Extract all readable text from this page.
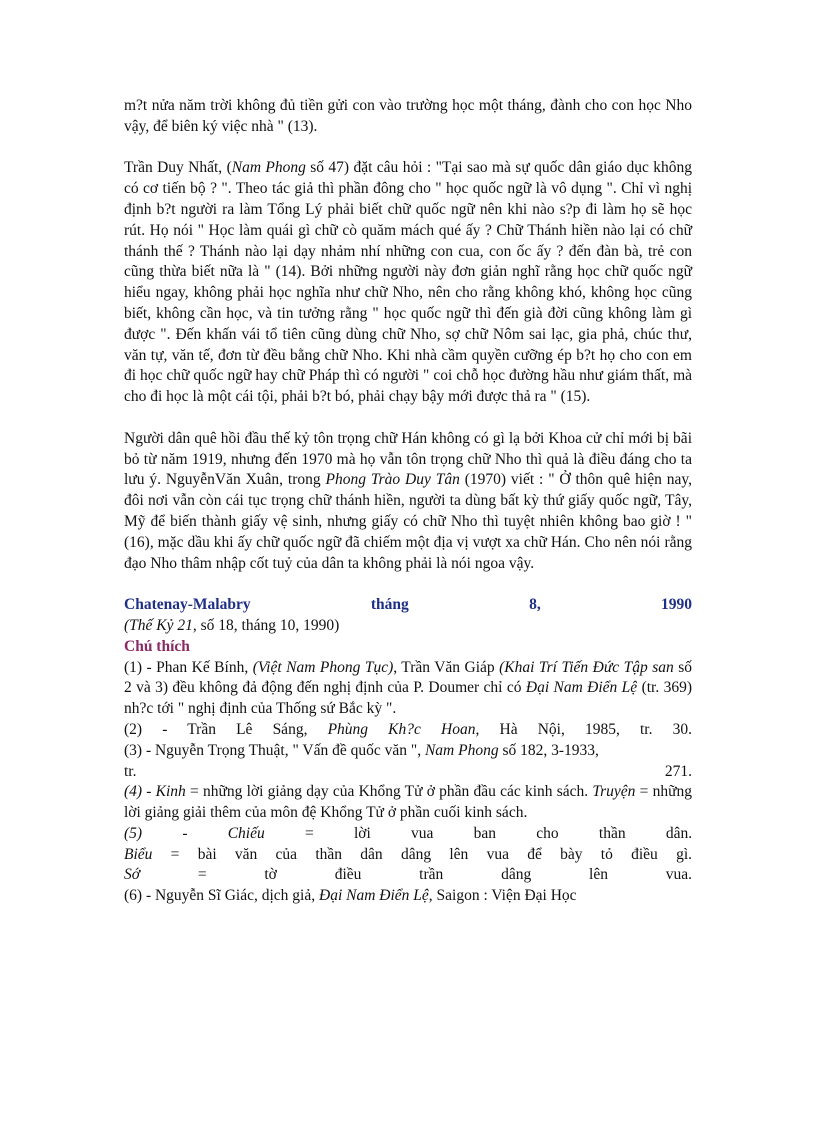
m?t nửa năm trời không đủ tiền gửi con vào trường học một tháng, đành cho con học Nho vậy, để biên ký việc nhà " (13).

Trần Duy Nhất, (Nam Phong số 47) đặt câu hỏi : "Tại sao mà sự quốc dân giáo dục không có cơ tiến bộ ? ". Theo tác giả thì phần đông cho " học quốc ngữ là vô dụng ". Chỉ vì nghị định b?t người ra làm Tổng Lý phải biết chữ quốc ngữ nên khi nào s?p đi làm họ sẽ học rút. Họ nói " Học làm quái gì chữ cò quăm mách qué ấy ? Chữ Thánh hiền nào lại có chữ thánh thế ? Thánh nào lại dạy nhảm nhí những con cua, con ốc ấy ? đến đàn bà, trẻ con cũng thừa biết nữa là " (14). Bởi những người này đơn giản nghĩ rằng học chữ quốc ngữ hiểu ngay, không phải học nghĩa như chữ Nho, nên cho rằng không khó, không học cũng biết, không cần học, và tin tưởng rằng " học quốc ngữ thì đến già đời cũng không làm gì được ". Đến khấn vái tổ tiên cũng dùng chữ Nho, sợ chữ Nôm sai lạc, gia phả, chúc thư, văn tự, văn tế, đơn từ đều bằng chữ Nho. Khi nhà cầm quyền cưỡng ép b?t họ cho con em đi học chữ quốc ngữ hay chữ Pháp thì có người " coi chỗ học đường hầu như giám thất, mà cho đi học là một cái tội, phải b?t bó, phải chạy bậy mới được thả ra " (15).

Người dân quê hồi đầu thế kỷ tôn trọng chữ Hán không có gì lạ bởi Khoa cử chỉ mới bị bãi bỏ từ năm 1919, nhưng đến 1970 mà họ vẫn tôn trọng chữ Nho thì quả là điều đáng cho ta lưu ý. NguyễnVăn Xuân, trong Phong Trào Duy Tân (1970) viết : " Ở thôn quê hiện nay, đôi nơi vẫn còn cái tục trọng chữ thánh hiền, người ta dùng bất kỳ thứ giấy quốc ngữ, Tây, Mỹ để biến thành giấy vệ sinh, nhưng giấy có chữ Nho thì tuyệt nhiên không bao giờ ! " (16), mặc dầu khi ấy chữ quốc ngữ đã chiếm một địa vị vượt xa chữ Hán. Cho nên nói rằng đạo Nho thâm nhập cốt tuỷ của dân ta không phải là nói ngoa vậy.

Chatenay-Malabry	tháng	8,	1990

(Thế Kỷ 21, số 18, tháng 10, 1990)

Chú thích

(1) - Phan Kế Bính, (Việt Nam Phong Tục), Trần Văn Giáp (Khai Trí Tiến Đức Tập san số 2 và 3) đều không đả động đến nghị định của P. Doumer chỉ có Đại Nam Điển Lệ (tr. 369) nh?c tới " nghị định của Thống sứ Bắc kỳ ".

(2) - Trần Lê Sáng, Phùng Kh?c Hoan, Hà Nội, 1985, tr. 30.

(3) - Nguyễn Trọng Thuật, " Vấn đề quốc văn ", Nam Phong số 182, 3-1933,

tr.	271.

(4) - Kinh = những lời giảng dạy của Khổng Tử ở phần đầu các kinh sách. Truyện = những lời giảng giải thêm của môn đệ Khổng Tử ở phần cuối kinh sách.

(5)	-	Chiếu	=	lời	vua	ban	cho	thần	dân.

Biểu = bài văn của thần dân dâng lên vua để bày tỏ điều gì.

Sớ	=	tờ	điều	trần	dâng	lên	vua.

(6) - Nguyễn Sĩ Giác, dịch giả, Đại Nam Điển Lệ, Saigon : Viện Đại Học
